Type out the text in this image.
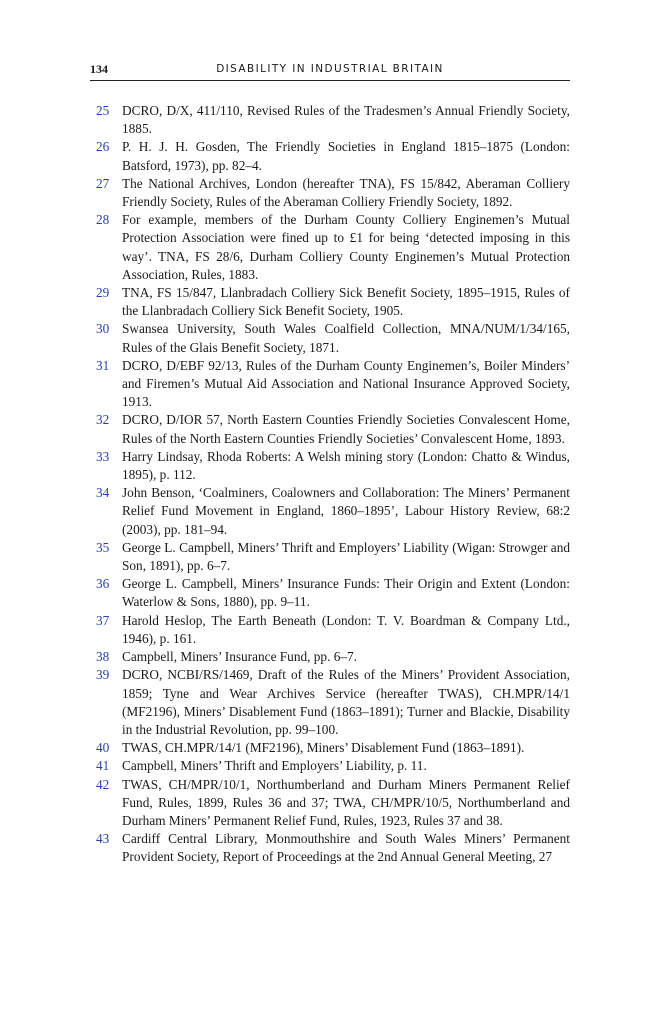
134	DISABILITY IN INDUSTRIAL BRITAIN

25 DCRO, D/X, 411/110, Revised Rules of the Tradesmen’s Annual Friendly Society, 1885.

26 P. H. J. H. Gosden, The Friendly Societies in England 1815–1875 (London: Batsford, 1973), pp. 82–4.

27 The National Archives, London (hereafter TNA), FS 15/842, Aberaman Colliery Friendly Society, Rules of the Aberaman Colliery Friendly Society, 1892.

28 For example, members of the Durham County Colliery Enginemen’s Mutual Protection Association were fined up to £1 for being ‘detected imposing in this way’. TNA, FS 28/6, Durham Colliery County Enginemen’s Mutual Protection Association, Rules, 1883.

29 TNA, FS 15/847, Llanbradach Colliery Sick Benefit Society, 1895–1915, Rules of the Llanbradach Colliery Sick Benefit Society, 1905.

30 Swansea University, South Wales Coalfield Collection, MNA/NUM/1/34/165, Rules of the Glais Benefit Society, 1871.

31 DCRO, D/EBF 92/13, Rules of the Durham County Enginemen’s, Boiler Minders’ and Firemen’s Mutual Aid Association and National Insurance Approved Society, 1913.

32 DCRO, D/IOR 57, North Eastern Counties Friendly Societies Convalescent Home, Rules of the North Eastern Counties Friendly Societies’ Convalescent Home, 1893.

33 Harry Lindsay, Rhoda Roberts: A Welsh mining story (London: Chatto & Windus, 1895), p. 112.

34 John Benson, ‘Coalminers, Coalowners and Collaboration: The Miners’ Permanent Relief Fund Movement in England, 1860–1895’, Labour History Review, 68:2 (2003), pp. 181–94.

35 George L. Campbell, Miners’ Thrift and Employers’ Liability (Wigan: Strowger and Son, 1891), pp. 6–7.

36 George L. Campbell, Miners’ Insurance Funds: Their Origin and Extent (London: Waterlow & Sons, 1880), pp. 9–11.

37 Harold Heslop, The Earth Beneath (London: T. V. Boardman & Company Ltd., 1946), p. 161.

38 Campbell, Miners’ Insurance Fund, pp. 6–7.

39 DCRO, NCBI/RS/1469, Draft of the Rules of the Miners’ Provident Association, 1859; Tyne and Wear Archives Service (hereafter TWAS), CH.MPR/14/1 (MF2196), Miners’ Disablement Fund (1863–1891); Turner and Blackie, Disability in the Industrial Revolution, pp. 99–100.

40 TWAS, CH.MPR/14/1 (MF2196), Miners’ Disablement Fund (1863–1891).

41 Campbell, Miners’ Thrift and Employers’ Liability, p. 11.

42 TWAS, CH/MPR/10/1, Northumberland and Durham Miners Permanent Relief Fund, Rules, 1899, Rules 36 and 37; TWA, CH/MPR/10/5, Northumberland and Durham Miners’ Permanent Relief Fund, Rules, 1923, Rules 37 and 38.

43 Cardiff Central Library, Monmouthshire and South Wales Miners’ Permanent Provident Society, Report of Proceedings at the 2nd Annual General Meeting, 27
